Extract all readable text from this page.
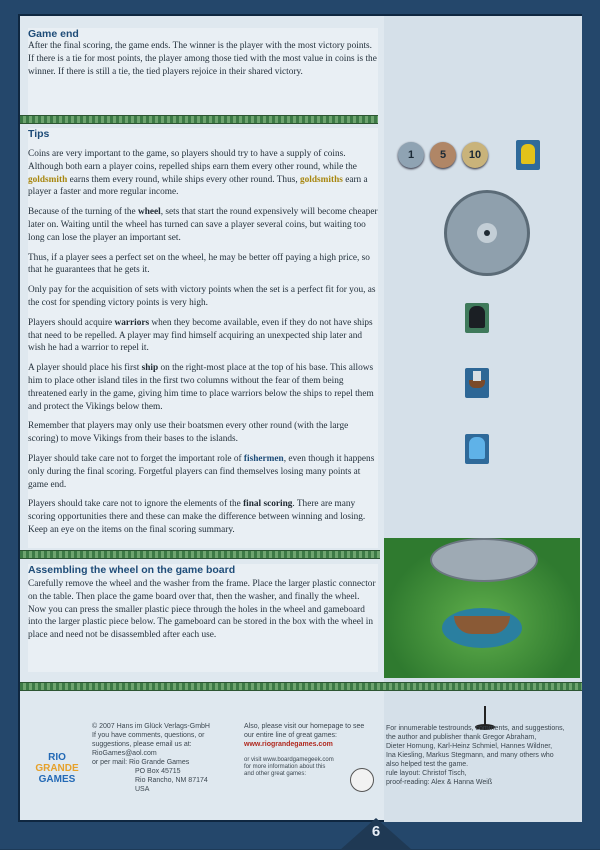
Game end

After the final scoring, the game ends. The winner is the player with the most victory points. If there is a tie for most points, the player among those tied with the most value in coins is the winner. If there is still a tie, the tied players rejoice in their shared victory.

Tips

Coins are very important to the game, so players should try to have a supply of coins. Although both earn a player coins, repelled ships earn them every other round, while the goldsmith earns them every round, while ships every other round. Thus, goldsmiths earn a player a faster and more regular income.

Because of the turning of the wheel, sets that start the round expensively will become cheaper later on. Waiting until the wheel has turned can save a player several coins, but waiting too long can lose the player an important set.

Thus, if a player sees a perfect set on the wheel, he may be better off paying a high price, so that he guarantees that he gets it.

Only pay for the acquisition of sets with victory points when the set is a perfect fit for you, as the cost for spending victory points is very high.

Players should acquire warriors when they become available, even if they do not have ships that need to be repelled. A player may find himself acquiring an unexpected ship later and wish he had a warrior to repel it.

A player should place his first ship on the right-most place at the top of his base. This allows him to place other island tiles in the first two columns without the fear of them being threatened early in the game, giving him time to place warriors below the ships to repel them and protect the Vikings below them.

Remember that players may only use their boatsmen every other round (with the large scoring) to move Vikings from their bases to the islands.

Player should take care not to forget the important role of fishermen, even though it happens only during the final scoring. Forgetful players can find themselves losing many points at game end.

Players should take care not to ignore the elements of the final scoring. There are many scoring opportunities there and these can make the difference between winning and losing. Keep an eye on the items on the final scoring summary.

Assembling the wheel on the game board

Carefully remove the wheel and the washer from the frame. Place the larger plastic connector on the table. Then place the game board over that, then the washer, and finally the wheel. Now you can press the smaller plastic piece through the holes in the wheel and gameboard into the larger plastic piece below. The gameboard can be stored in the box with the wheel in place and need not be disassembled after each use.

1 5 10
RIO
GRANDE
GAMES
© 2007 Hans im Glück Verlags-GmbH
If you have comments, questions, or
suggestions, please email us at:
RioGames@aol.com
or per mail: Rio Grande Games
PO Box 45715
Rio Rancho, NM 87174
USA
Also, please visit our homepage to see
our entire line of great games:
www.riograndegames.com
or visit www.boardgamegeek.com
for more information about this
and other great games:
For innumerable testrounds, comments, and suggestions,
the author and publisher thank Gregor Abraham,
Dieter Hornung, Karl-Heinz Schmiel, Hannes Wildner,
Ina Kiesling, Markus Stegmann, and many others who
also helped test the game.
rule layout: Christof Tisch,
proof-reading: Alex & Hanna Weiß
6
